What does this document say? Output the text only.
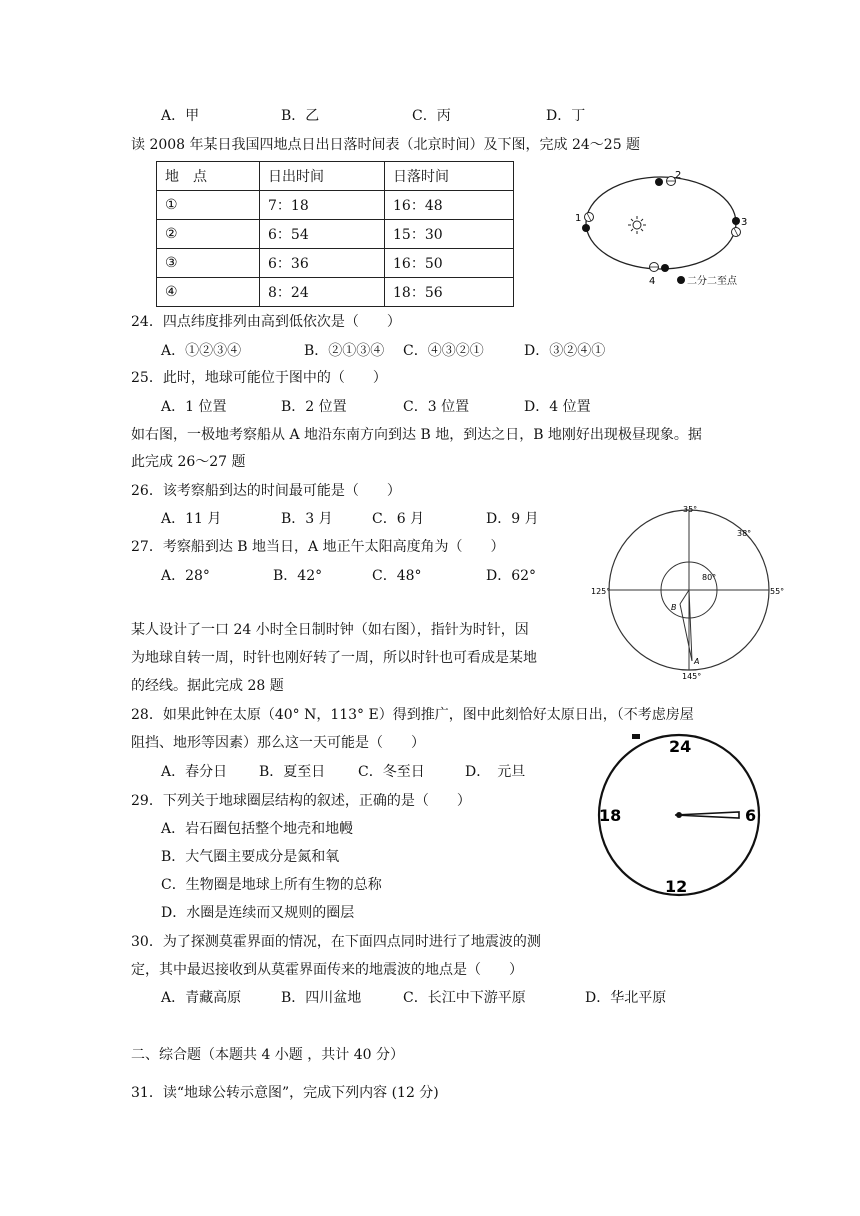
A．甲	B．乙	C．丙	D．丁
读 2008 年某日我国四地点日出日落时间表（北京时间）及下图，完成 24～25 题
地　点	日出时间	日落时间
①	7：18	16：48
②	6：54	15：30
③	6：36	16：50
④	8：24	18：56
1
2
3
4	二分二至点
24．四点纬度排列由高到低依次是（　　）
A．①②③④	B．②①③④ C．④③②①	D．③②④①
25．此时，地球可能位于图中的（　　）
A．1 位置	B．2 位置	C．3 位置	D．4 位置
如右图，一极地考察船从 A 地沿东南方向到达 B 地，到达之日，B 地刚好出现极昼现象。据
此完成 26～27 题
26．该考察船到达的时间最可能是（　　）
A．11 月	B．3 月	C．6 月	D．9 月
27．考察船到达 B 地当日，A 地正午太阳高度角为（　　）
A．28°	B．42°	C．48°	D．62°
35°
38°
80°
125°	55°
145°
A
B
某人设计了一口 24 小时全日制时钟（如右图），指针为时针，因
为地球自转一周，时针也刚好转了一周，所以时针也可看成是某地
的经线。据此完成 28 题
28．如果此钟在太原（40° N，113° E）得到推广，图中此刻恰好太原日出，（不考虑房屋
阻挡、地形等因素）那么这一天可能是（　　）
A．春分日 B．夏至日 C．冬至日	D．　元旦
24
18	6
12
29．下列关于地球圈层结构的叙述，正确的是（　　）
A．岩石圈包括整个地壳和地幔
B．大气圈主要成分是氮和氧
C．生物圈是地球上所有生物的总称
D．水圈是连续而又规则的圈层
30．为了探测莫霍界面的情况，在下面四点同时进行了地震波的测
定，其中最迟接收到从莫霍界面传来的地震波的地点是（　　）
A．青藏高原	B．四川盆地	C．长江中下游平原	D．华北平原
二、综合题（本题共 4 小题 ，共计 40 分）
31．读“地球公转示意图”，完成下列内容 (12 分)
